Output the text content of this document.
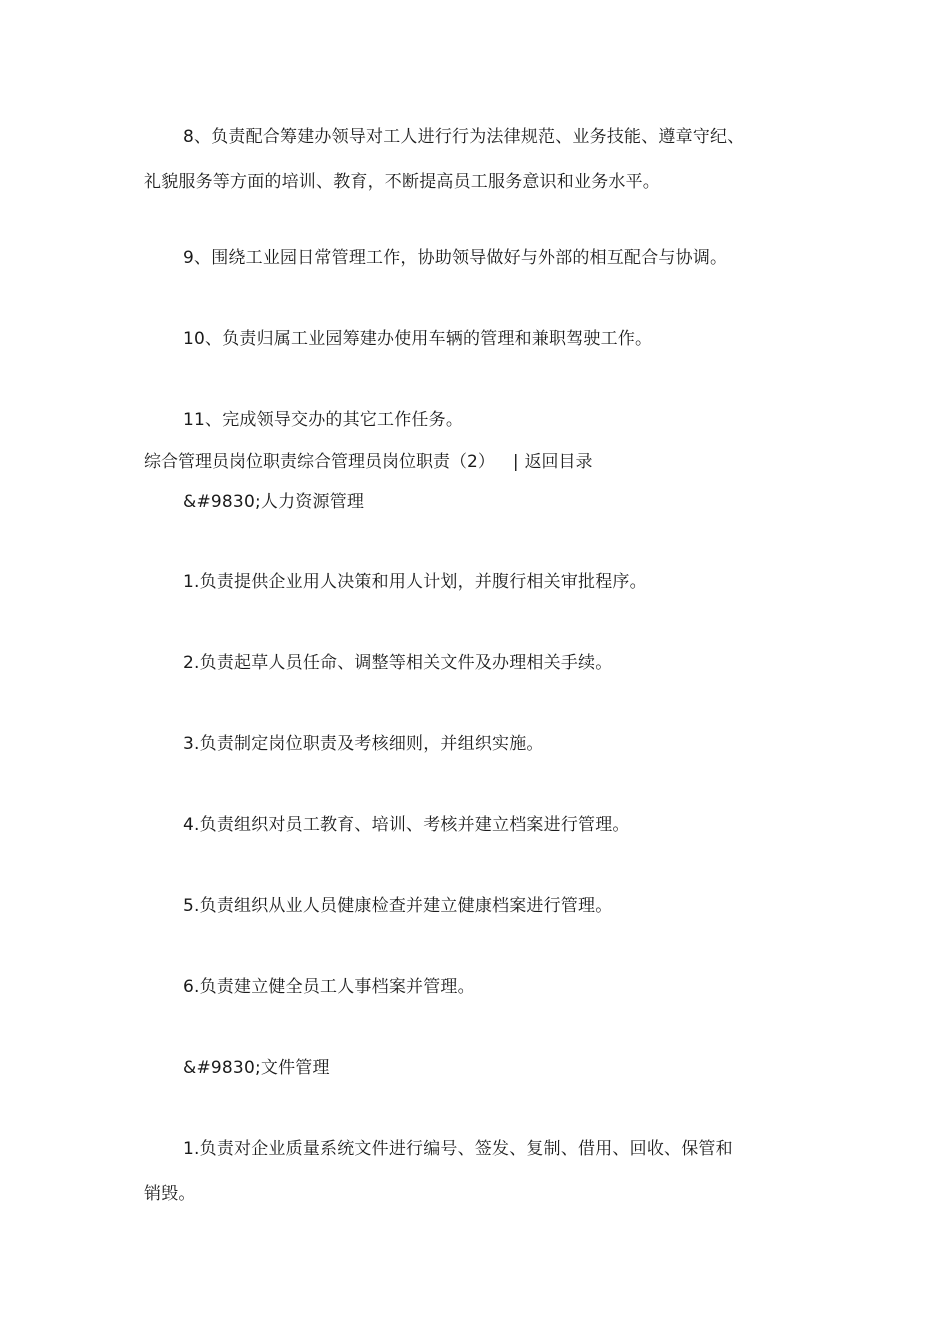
8、负责配合筹建办领导对工人进行行为法律规范、业务技能、遵章守纪、
礼貌服务等方面的培训、教育，不断提高员工服务意识和业务水平。
9、围绕工业园日常管理工作，协助领导做好与外部的相互配合与协调。
10、负责归属工业园筹建办使用车辆的管理和兼职驾驶工作。
11、完成领导交办的其它工作任务。
综合管理员岗位职责综合管理员岗位职责（2） | 返回目录
&#9830;人力资源管理
1.负责提供企业用人决策和用人计划，并腹行相关审批程序。
2.负责起草人员任命、调整等相关文件及办理相关手续。
3.负责制定岗位职责及考核细则，并组织实施。
4.负责组织对员工教育、培训、考核并建立档案进行管理。
5.负责组织从业人员健康检查并建立健康档案进行管理。
6.负责建立健全员工人事档案并管理。
&#9830;文件管理
1.负责对企业质量系统文件进行编号、签发、复制、借用、回收、保管和
销毁。
